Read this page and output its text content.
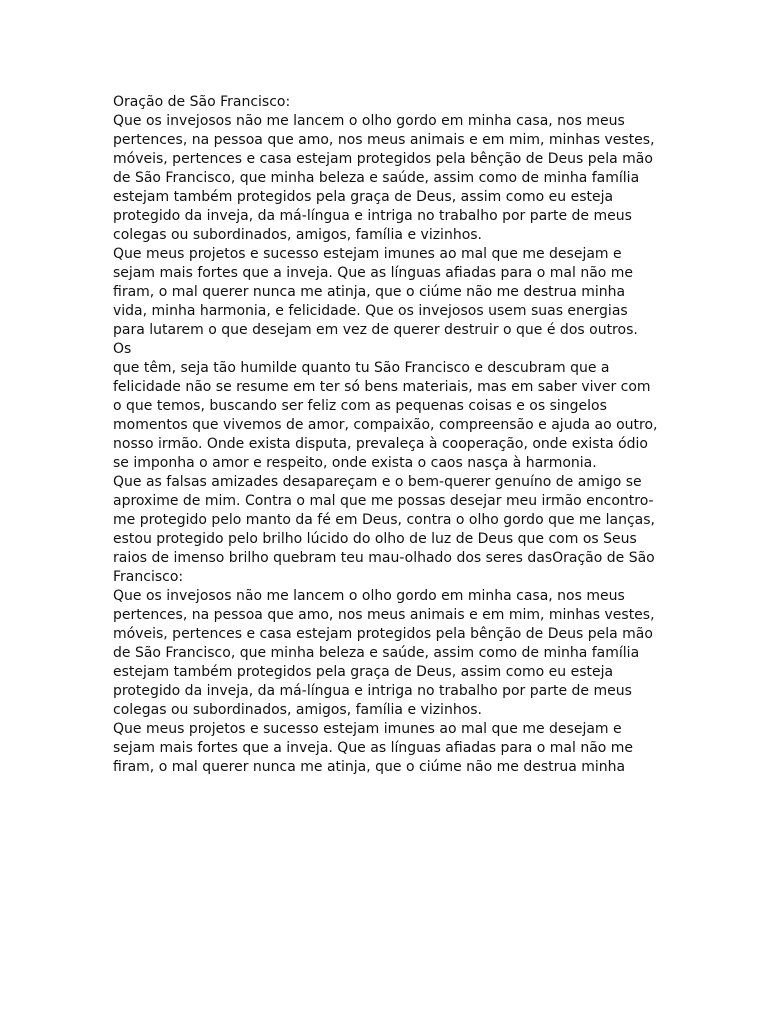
Oração de São Francisco:

Que os invejosos não me lancem o olho gordo em minha casa, nos meus
pertences, na pessoa que amo, nos meus animais e em mim, minhas vestes,
móveis, pertences e casa estejam protegidos pela bênção de Deus pela mão
de São Francisco, que minha beleza e saúde, assim como de minha família
estejam também protegidos pela graça de Deus, assim como eu esteja
protegido da inveja, da má-língua e intriga no trabalho por parte de meus
colegas ou subordinados, amigos, família e vizinhos.

Que meus projetos e sucesso estejam imunes ao mal que me desejam e
sejam mais fortes que a inveja. Que as línguas afiadas para o mal não me
firam, o mal querer nunca me atinja, que o ciúme não me destrua minha
vida, minha harmonia, e felicidade. Que os invejosos usem suas energias
para lutarem o que desejam em vez de querer destruir o que é dos outros. Os
que têm, seja tão humilde quanto tu São Francisco e descubram que a
felicidade não se resume em ter só bens materiais, mas em saber viver com
o que temos, buscando ser feliz com as pequenas coisas e os singelos
momentos que vivemos de amor, compaixão, compreensão e ajuda ao outro,
nosso irmão. Onde exista disputa, prevaleça à cooperação, onde exista ódio
se imponha o amor e respeito, onde exista o caos nasça à harmonia.

Que as falsas amizades desapareçam e o bem-querer genuíno de amigo se
aproxime de mim. Contra o mal que me possas desejar meu irmão encontro-
me protegido pelo manto da fé em Deus, contra o olho gordo que me lanças,
estou protegido pelo brilho lúcido do olho de luz de Deus que com os Seus
raios de imenso brilho quebram teu mau-olhado dos seres dasOração de São
Francisco:

Que os invejosos não me lancem o olho gordo em minha casa, nos meus
pertences, na pessoa que amo, nos meus animais e em mim, minhas vestes,
móveis, pertences e casa estejam protegidos pela bênção de Deus pela mão
de São Francisco, que minha beleza e saúde, assim como de minha família
estejam também protegidos pela graça de Deus, assim como eu esteja
protegido da inveja, da má-língua e intriga no trabalho por parte de meus
colegas ou subordinados, amigos, família e vizinhos.

Que meus projetos e sucesso estejam imunes ao mal que me desejam e
sejam mais fortes que a inveja. Que as línguas afiadas para o mal não me
firam, o mal querer nunca me atinja, que o ciúme não me destrua minha
